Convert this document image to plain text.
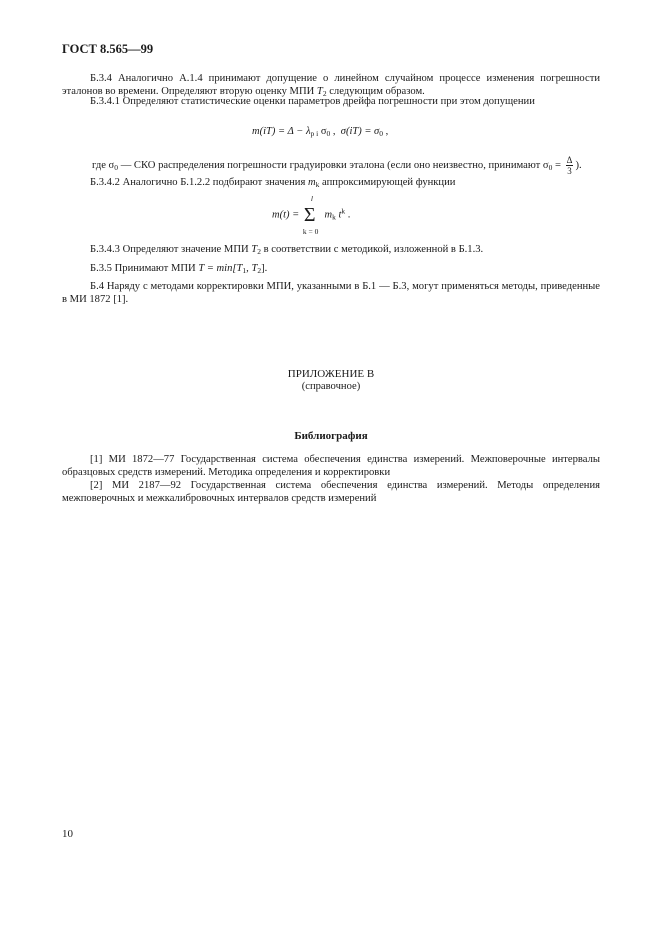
ГОСТ 8.565—99
Б.3.4 Аналогично А.1.4 принимают допущение о линейном случайном процессе изменения погрешности эталонов во времени. Определяют вторую оценку МПИ $T_2$ следующим образом.
Б.3.4.1 Определяют статистические оценки параметров дрейфа погрешности при этом допущении
$m(iT) = \Delta - \lambda_{p i}$ $\sigma_0$ , $\sigma(iT) = \sigma_0$ ,
где $\sigma_0$ — СКО распределения погрешности градуировки эталона (если оно неизвестно, принимают $\sigma_0 = \frac{\Delta}{3}$ ).
Б.3.4.2 Аналогично Б.1.2.2 подбирают значения $m_k$ аппроксимирующей функции
m(t) = Σ
l
k = 0
$m_k$ $t^k$ .
Б.3.4.3 Определяют значение МПИ $T_2$ в соответствии с методикой, изложенной в Б.1.3.
Б.3.5 Принимают МПИ $T = \min[T_1$, $T_2$].
Б.4 Наряду с методами корректировки МПИ, указанными в Б.1 — Б.3, могут применяться методы, приведенные в МИ 1872 [1].
ПРИЛОЖЕНИЕ В
(справочное)
Библиография
[1] МИ 1872—77 Государственная система обеспечения единства измерений. Межповерочные интервалы образцовых средств измерений. Методика определения и корректировки
[2] МИ 2187—92 Государственная система обеспечения единства измерений. Методы определения межповерочных и межкалибровочных интервалов средств измерений
10
